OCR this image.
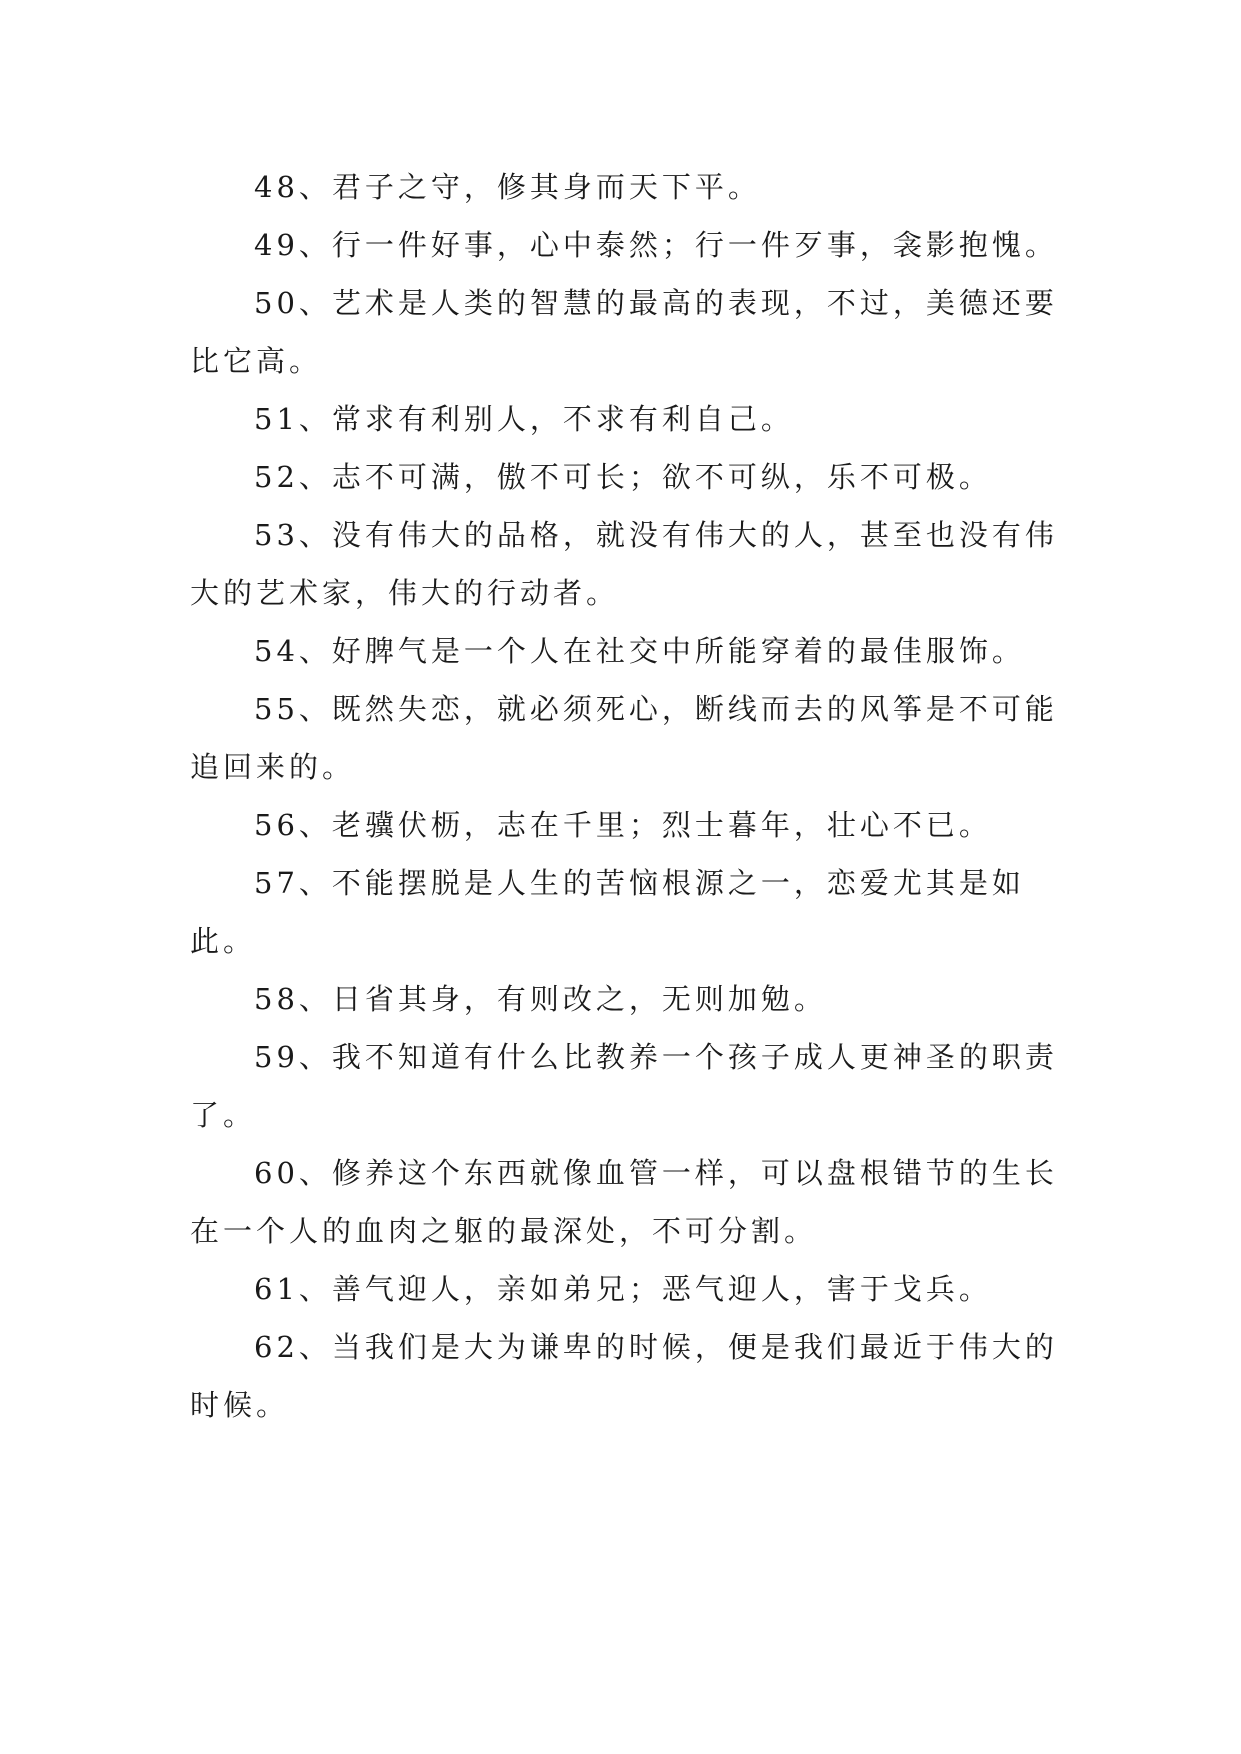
48、君子之守，修其身而天下平。

49、行一件好事，心中泰然；行一件歹事，衾影抱愧。

50、艺术是人类的智慧的最高的表现，不过，美德还要比它高。

51、常求有利别人，不求有利自己。

52、志不可满，傲不可长；欲不可纵，乐不可极。

53、没有伟大的品格，就没有伟大的人，甚至也没有伟大的艺术家，伟大的行动者。

54、好脾气是一个人在社交中所能穿着的最佳服饰。

55、既然失恋，就必须死心，断线而去的风筝是不可能追回来的。

56、老骥伏枥，志在千里；烈士暮年，壮心不已。

57、不能摆脱是人生的苦恼根源之一，恋爱尤其是如此。

58、日省其身，有则改之，无则加勉。

59、我不知道有什么比教养一个孩子成人更神圣的职责了。

60、修养这个东西就像血管一样，可以盘根错节的生长在一个人的血肉之躯的最深处，不可分割。

61、善气迎人，亲如弟兄；恶气迎人，害于戈兵。

62、当我们是大为谦卑的时候，便是我们最近于伟大的时候。
